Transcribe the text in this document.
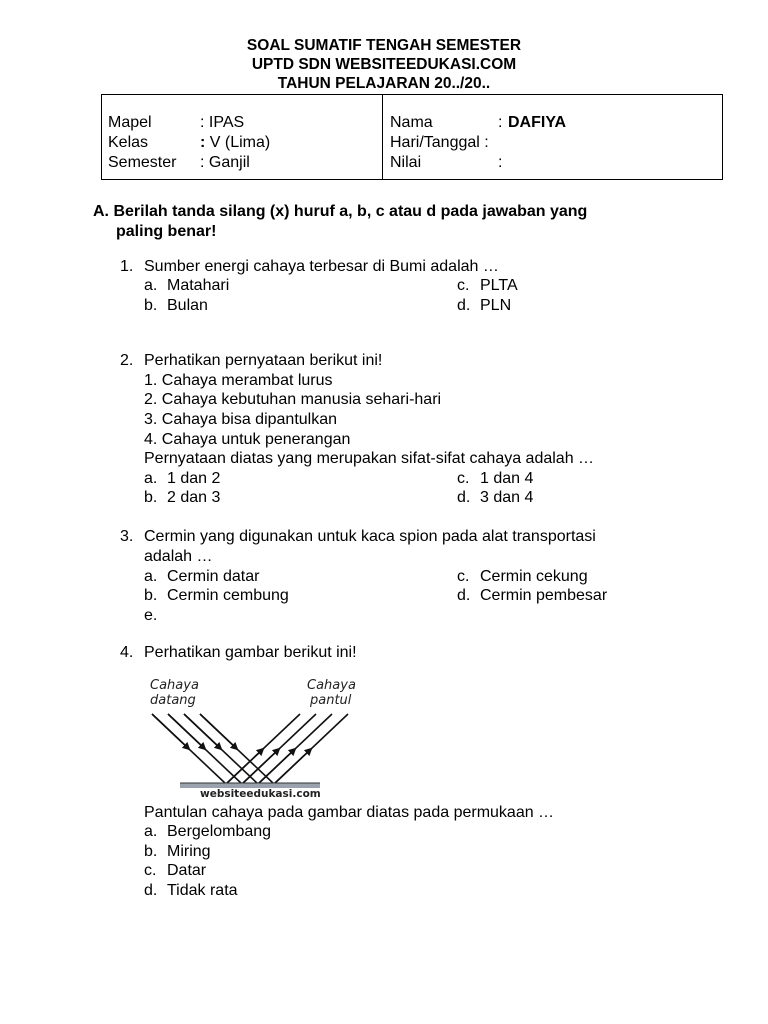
SOAL SUMATIF TENGAH SEMESTER
UPTD SDN WEBSITEEDUKASI.COM
TAHUN PELAJARAN 20../20..
Mapel	: IPAS
Kelas	: V (Lima)
Semester : Ganjil
Nama	: DAFIYA
Hari/Tanggal :
Nilai	:
A. Berilah tanda silang (x) huruf a, b, c atau d pada jawaban yang
paling benar!
1. Sumber energi cahaya terbesar di Bumi adalah …
a. Matahari
b. Bulan
c. PLTA
d. PLN
2. Perhatikan pernyataan berikut ini!
1. Cahaya merambat lurus
2. Cahaya kebutuhan manusia sehari-hari
3. Cahaya bisa dipantulkan
4. Cahaya untuk penerangan
Pernyataan diatas yang merupakan sifat-sifat cahaya adalah …
a. 1 dan 2
b. 2 dan 3
c. 1 dan 4
d. 3 dan 4
3. Cermin yang digunakan untuk kaca spion pada alat transportasi
adalah …
a. Cermin datar
b. Cermin cembung
e.
c. Cermin cekung
d. Cermin pembesar
4. Perhatikan gambar berikut ini!
Cahaya
datang
Cahaya
pantul
websiteedukasi.com
Pantulan cahaya pada gambar diatas pada permukaan …
a. Bergelombang
b. Miring
c. Datar
d. Tidak rata
